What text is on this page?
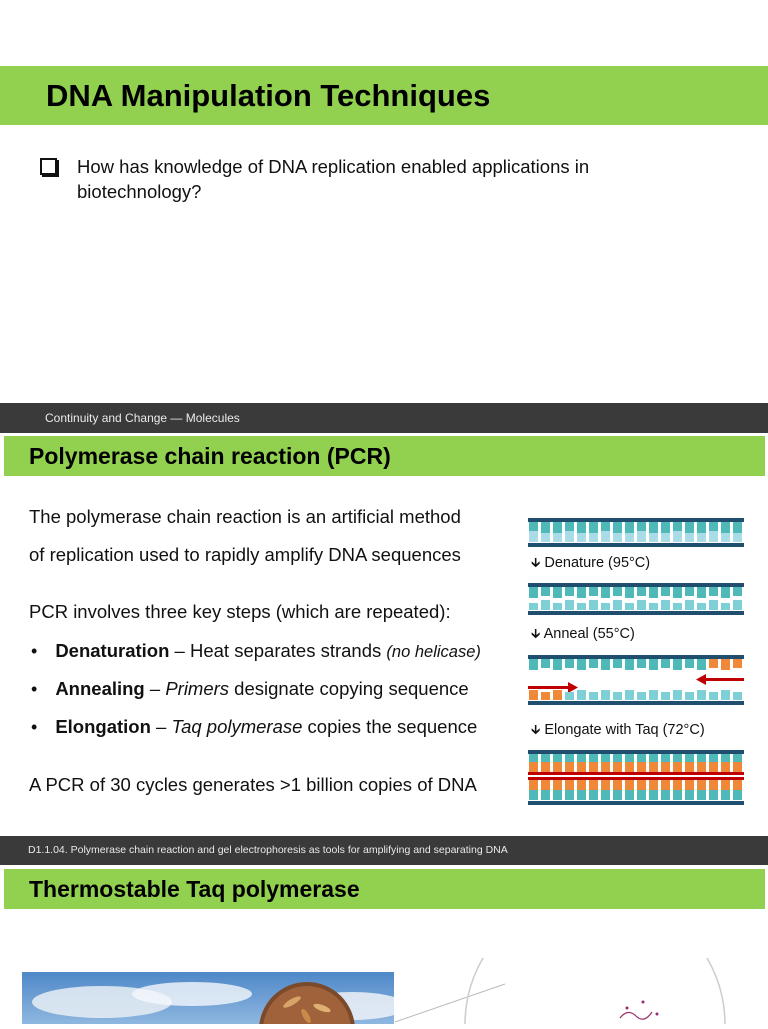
DNA Manipulation Techniques
How has knowledge of DNA replication enabled applications in biotechnology?
Continuity and Change — Molecules
Polymerase chain reaction (PCR)
The polymerase chain reaction is an artificial method
of replication used to rapidly amplify DNA sequences
PCR involves three key steps (which are repeated):
• Denaturation – Heat separates strands (no helicase)
• Annealing – Primers designate copying sequence
• Elongation – Taq polymerase copies the sequence
A PCR of 30 cycles generates >1 billion copies of DNA
🡳 Denature (95°C)
🡳 Anneal (55°C)
🡳 Elongate with Taq (72°C)
D1.1.04. Polymerase chain reaction and gel electrophoresis as tools for amplifying and separating DNA
Thermostable Taq polymerase
